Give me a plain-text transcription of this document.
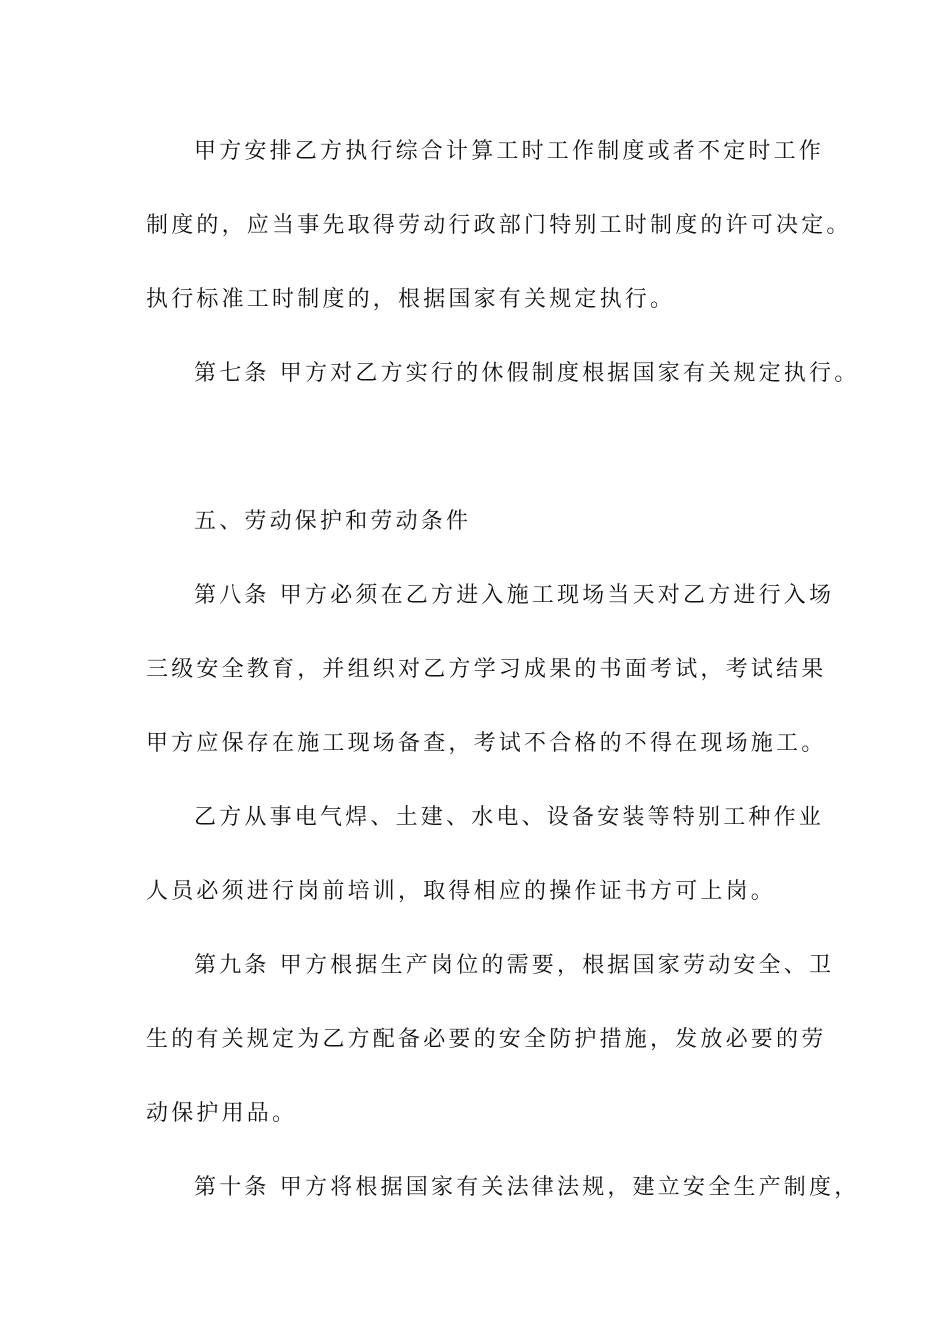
甲方安排乙方执行综合计算工时工作制度或者不定时工作

制度的，应当事先取得劳动行政部门特别工时制度的许可决定。

执行标准工时制度的，根据国家有关规定执行。

第七条 甲方对乙方实行的休假制度根据国家有关规定执行。

五、劳动保护和劳动条件

第八条 甲方必须在乙方进入施工现场当天对乙方进行入场

三级安全教育，并组织对乙方学习成果的书面考试，考试结果

甲方应保存在施工现场备查，考试不合格的不得在现场施工。

乙方从事电气焊、土建、水电、设备安装等特别工种作业

人员必须进行岗前培训，取得相应的操作证书方可上岗。

第九条 甲方根据生产岗位的需要，根据国家劳动安全、卫

生的有关规定为乙方配备必要的安全防护措施，发放必要的劳

动保护用品。

第十条 甲方将根据国家有关法律法规，建立安全生产制度，
